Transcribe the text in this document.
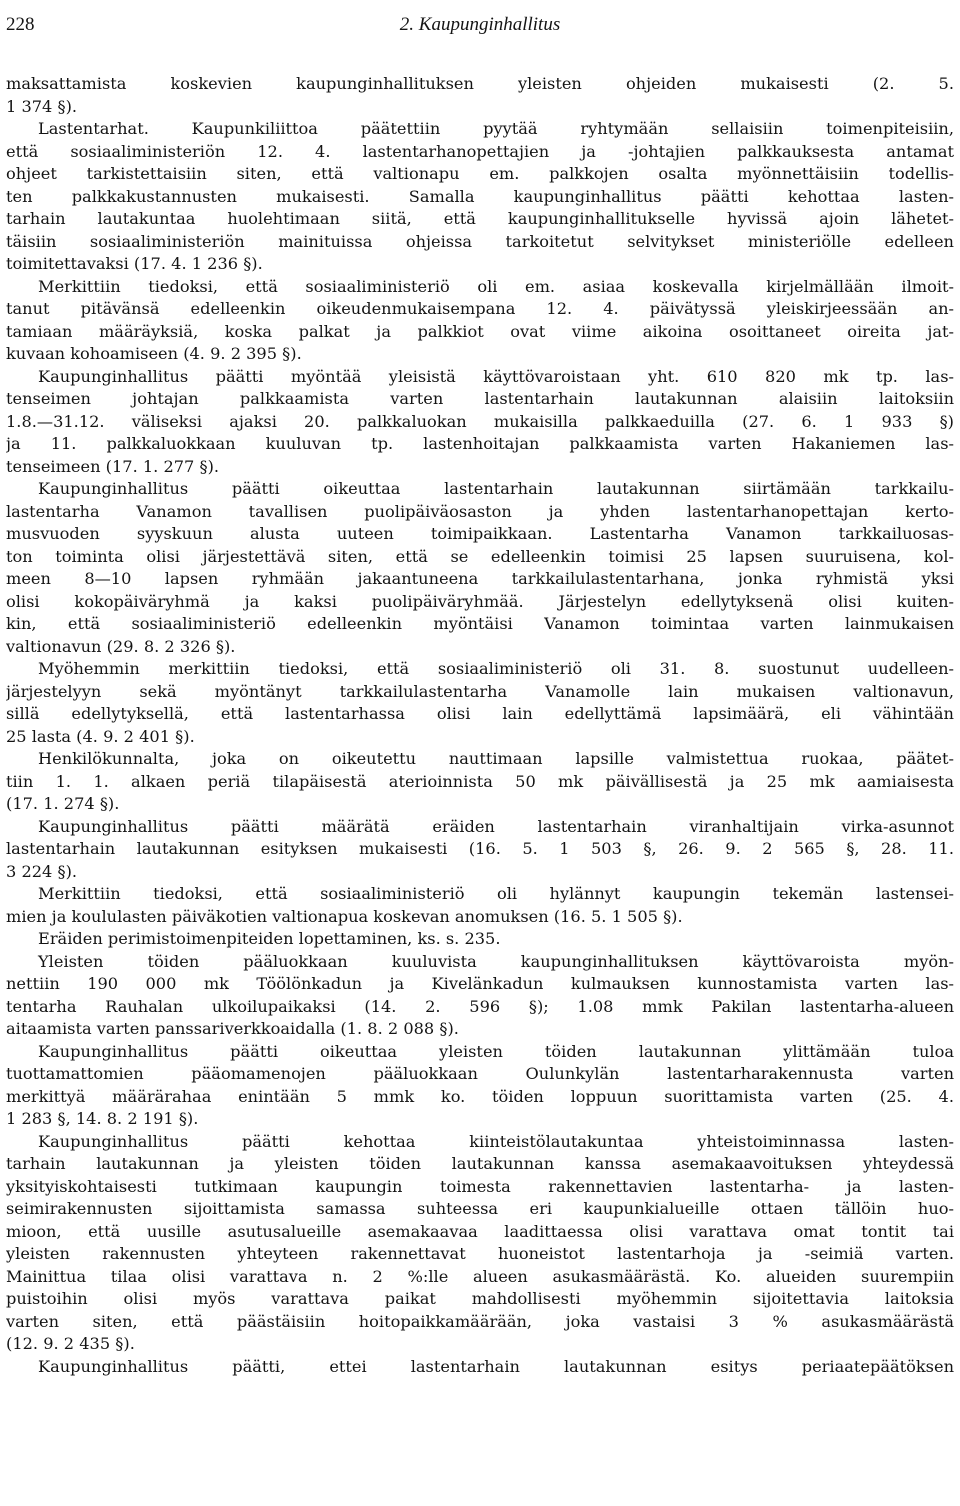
228	2. Kaupunginhallitus
maksattamista koskevien kaupunginhallituksen yleisten ohjeiden mukaisesti (2. 5.
1 374 §).
Lastentarhat. Kaupunkiliittoa päätettiin pyytää ryhtymään sellaisiin toimenpiteisiin,
että sosiaaliministeriön 12. 4. lastentarhanopettajien ja -johtajien palkkauksesta antamat
ohjeet tarkistettaisiin siten, että valtionapu em. palkkojen osalta myönnettäisiin todellis-
ten palkkakustannusten mukaisesti. Samalla kaupunginhallitus päätti kehottaa lasten-
tarhain lautakuntaa huolehtimaan siitä, että kaupunginhallitukselle hyvissä ajoin lähetet-
täisiin sosiaaliministeriön mainituissa ohjeissa tarkoitetut selvitykset ministeriölle edelleen
toimitettavaksi (17. 4. 1 236 §).
Merkittiin tiedoksi, että sosiaaliministeriö oli em. asiaa koskevalla kirjelmällään ilmoit-
tanut pitävänsä edelleenkin oikeudenmukaisempana 12. 4. päivätyssä yleiskirjeessään an-
tamiaan määräyksiä, koska palkat ja palkkiot ovat viime aikoina osoittaneet oireita jat-
kuvaan kohoamiseen (4. 9. 2 395 §).
Kaupunginhallitus päätti myöntää yleisistä käyttövaroistaan yht. 610 820 mk tp. las-
tenseimen johtajan palkkaamista varten lastentarhain lautakunnan alaisiin laitoksiin
1.8.—31.12. väliseksi ajaksi 20. palkkaluokan mukaisilla palkkaeduilla (27. 6. 1 933 §)
ja 11. palkkaluokkaan kuuluvan tp. lastenhoitajan palkkaamista varten Hakaniemen las-
tenseimeen (17. 1. 277 §).
Kaupunginhallitus päätti oikeuttaa lastentarhain lautakunnan siirtämään tarkkailu-
lastentarha Vanamon tavallisen puolipäiväosaston ja yhden lastentarhanopettajan kerto-
musvuoden syyskuun alusta uuteen toimipaikkaan. Lastentarha Vanamon tarkkailuosas-
ton toiminta olisi järjestettävä siten, että se edelleenkin toimisi 25 lapsen suuruisena, kol-
meen 8—10 lapsen ryhmään jakaantuneena tarkkailulastentarhana, jonka ryhmistä yksi
olisi kokopäiväryhmä ja kaksi puolipäiväryhmää. Järjestelyn edellytyksenä olisi kuiten-
kin, että sosiaaliministeriö edelleenkin myöntäisi Vanamon toimintaa varten lainmukaisen
valtionavun (29. 8. 2 326 §).
Myöhemmin merkittiin tiedoksi, että sosiaaliministeriö oli 31. 8. suostunut uudelleen-
järjestelyyn sekä myöntänyt tarkkailulastentarha Vanamolle lain mukaisen valtionavun,
sillä edellytyksellä, että lastentarhassa olisi lain edellyttämä lapsimäärä, eli vähintään
25 lasta (4. 9. 2 401 §).
Henkilökunnalta, joka on oikeutettu nauttimaan lapsille valmistettua ruokaa, päätet-
tiin 1. 1. alkaen periä tilapäisestä aterioinnista 50 mk päivällisestä ja 25 mk aamiaisesta
(17. 1. 274 §).
Kaupunginhallitus päätti määrätä eräiden lastentarhain viranhaltijain virka-asunnot
lastentarhain lautakunnan esityksen mukaisesti (16. 5. 1 503 §, 26. 9. 2 565 §, 28. 11.
3 224 §).
Merkittiin tiedoksi, että sosiaaliministeriö oli hylännyt kaupungin tekemän lastensei-
mien ja koululasten päiväkotien valtionapua koskevan anomuksen (16. 5. 1 505 §).
Eräiden perimistoimenpiteiden lopettaminen, ks. s. 235.
Yleisten töiden pääluokkaan kuuluvista kaupunginhallituksen käyttövaroista myön-
nettiin 190 000 mk Töölönkadun ja Kivelänkadun kulmauksen kunnostamista varten las-
tentarha Rauhalan ulkoilupaikaksi (14. 2. 596 §); 1.08 mmk Pakilan lastentarha-alueen
aitaamista varten panssariverkkoaidalla (1. 8. 2 088 §).
Kaupunginhallitus päätti oikeuttaa yleisten töiden lautakunnan ylittämään tuloa
tuottamattomien pääomamenojen pääluokkaan Oulunkylän lastentarharakennusta varten
merkittyä määrärahaa enintään 5 mmk ko. töiden loppuun suorittamista varten (25. 4.
1 283 §, 14. 8. 2 191 §).
Kaupunginhallitus päätti kehottaa kiinteistölautakuntaa yhteistoiminnassa lasten-
tarhain lautakunnan ja yleisten töiden lautakunnan kanssa asemakaavoituksen yhteydessä
yksityiskohtaisesti tutkimaan kaupungin toimesta rakennettavien lastentarha- ja lasten-
seimirakennusten sijoittamista samassa suhteessa eri kaupunkialueille ottaen tällöin huo-
mioon, että uusille asutusalueille asemakaavaa laadittaessa olisi varattava omat tontit tai
yleisten rakennusten yhteyteen rakennettavat huoneistot lastentarhoja ja -seimiä varten.
Mainittua tilaa olisi varattava n. 2 %:lle alueen asukasmäärästä. Ko. alueiden suurempiin
puistoihin olisi myös varattava paikat mahdollisesti myöhemmin sijoitettavia laitoksia
varten siten, että päästäisiin hoitopaikkamäärään, joka vastaisi 3 % asukasmäärästä
(12. 9. 2 435 §).
Kaupunginhallitus päätti, ettei lastentarhain lautakunnan esitys periaatepäätöksen
